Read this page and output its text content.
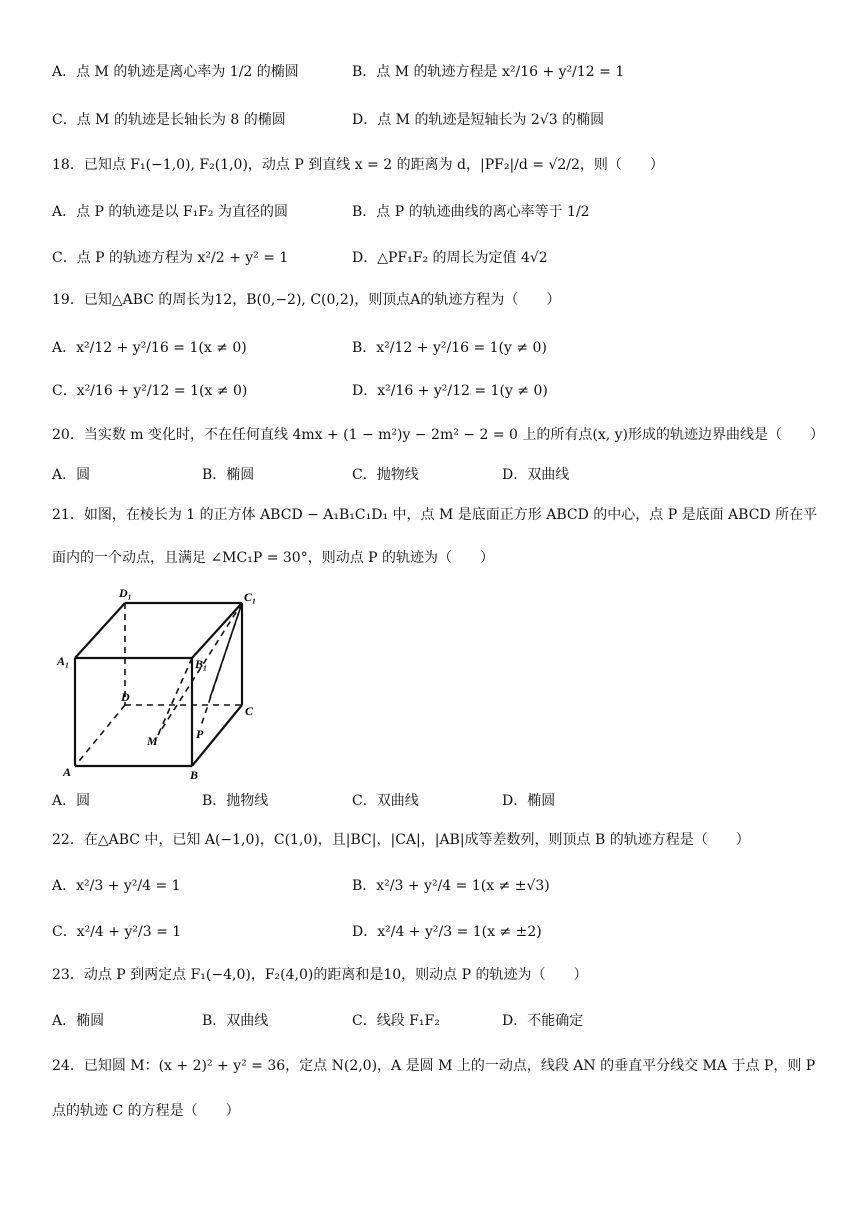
A．点 M 的轨迹是离心率为 1/2 的椭圆	B．点 M 的轨迹方程是 x²/16 + y²/12 = 1
C．点 M 的轨迹是长轴长为 8 的椭圆	D．点 M 的轨迹是短轴长为 2√3 的椭圆
18．已知点 F₁(−1,0), F₂(1,0)，动点 P 到直线 x = 2 的距离为 d，|PF₂|/d = √2/2，则（　　）
A．点 P 的轨迹是以 F₁F₂ 为直径的圆	B．点 P 的轨迹曲线的离心率等于 1/2
C．点 P 的轨迹方程为 x²/2 + y² = 1	D．△PF₁F₂ 的周长为定值 4√2
19．已知△ABC 的周长为12，B(0,−2), C(0,2)，则顶点A的轨迹方程为（　　）
A．x²/12 + y²/16 = 1(x ≠ 0)	B．x²/12 + y²/16 = 1(y ≠ 0)
C．x²/16 + y²/12 = 1(x ≠ 0)	D．x²/16 + y²/12 = 1(y ≠ 0)
20．当实数 m 变化时，不在任何直线 4mx + (1 − m²)y − 2m² − 2 = 0 上的所有点(x, y)形成的轨迹边界曲线是（　　）
A．圆	B．椭圆	C．抛物线	D．双曲线
21．如图，在棱长为 1 的正方体 ABCD − A₁B₁C₁D₁ 中，点 M 是底面正方形 ABCD 的中心，点 P 是底面 ABCD 所在平
面内的一个动点，且满足 ∠MC₁P = 30°，则动点 P 的轨迹为（　　）
D₁	C₁
A₁	B₁
D
C
M	P
A	B
A．圆	B．抛物线	C．双曲线	D．椭圆
22．在△ABC 中，已知 A(−1,0)，C(1,0)，且|BC|，|CA|，|AB|成等差数列，则顶点 B 的轨迹方程是（　　）
A．x²/3 + y²/4 = 1	B．x²/3 + y²/4 = 1(x ≠ ±√3)
C．x²/4 + y²/3 = 1	D．x²/4 + y²/3 = 1(x ≠ ±2)
23．动点 P 到两定点 F₁(−4,0)，F₂(4,0)的距离和是10，则动点 P 的轨迹为（　　）
A．椭圆	B．双曲线	C．线段 F₁F₂	D．不能确定
24．已知圆 M：(x + 2)² + y² = 36，定点 N(2,0)，A 是圆 M 上的一动点，线段 AN 的垂直平分线交 MA 于点 P，则 P
点的轨迹 C 的方程是（　　）
